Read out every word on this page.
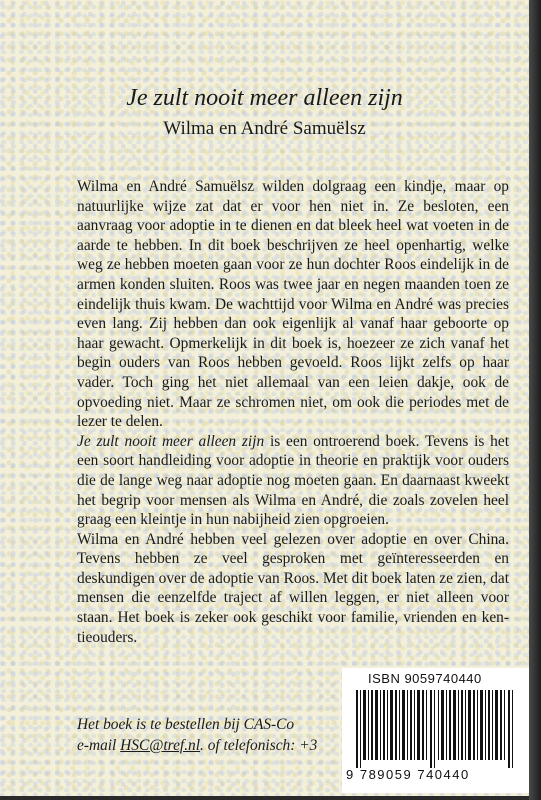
Je zult nooit meer alleen zijn
Wilma en André Samuëlsz

Wilma en André Samuëlsz wilden dolgraag een kindje, maar op natuurlijke wijze zat dat er voor hen niet in. Ze besloten, een aanvraag voor adoptie in te dienen en dat bleek heel wat voeten in de aarde te hebben. In dit boek beschrijven ze heel openhartig, welke weg ze hebben moeten gaan voor ze hun dochter Roos eindelijk in de armen konden sluiten. Roos was twee jaar en negen maanden toen ze eindelijk thuis kwam. De wachttijd voor Wilma en André was precies even lang. Zij hebben dan ook eigenlijk al vanaf haar geboorte op haar gewacht. Opmerkelijk in dit boek is, hoezeer ze zich vanaf het begin ouders van Roos hebben gevoeld. Roos lijkt zelfs op haar vader. Toch ging het niet allemaal van een leien dakje, ook de opvoeding niet. Maar ze schromen niet, om ook die periodes met de lezer te delen.

Je zult nooit meer alleen zijn is een ontroerend boek. Tevens is het een soort handleiding voor adoptie in theorie en praktijk voor ouders die de lange weg naar adoptie nog moeten gaan. En daarnaast kweekt het begrip voor mensen als Wilma en André, die zoals zovelen heel graag een kleintje in hun nabijheid zien opgroeien.

Wilma en André hebben veel gelezen over adoptie en over China. Tevens hebben ze veel gesproken met geïnteresseerden en deskundigen over de adoptie van Roos. Met dit boek laten ze zien, dat mensen die eenzelfde traject af willen leggen, er niet alleen voor staan. Het boek is zeker ook geschikt voor familie, vrienden en ken- tieouders.

Het boek is te bestellen bij CAS-Co
e-mail HSC@tref.nl. of telefonisch: +3
ISBN 9059740440
9 789059 740440
